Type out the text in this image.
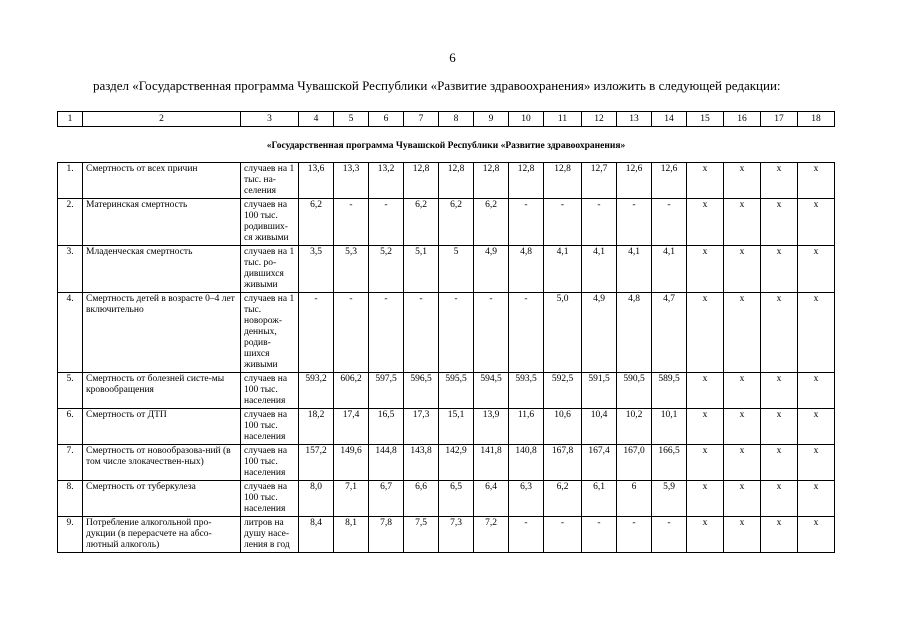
6
раздел «Государственная программа Чувашской Республики «Развитие здравоохранения» изложить в следующей редакции:
1	2	3	4	5	6	7	8	9	10	11	12	13	14	15	16	17	18
«Государственная программа Чувашской Республики «Развитие здравоохранения»																	
1.	Смертность от всех причин	случаев на 1 тыс. на-селения	13,6	13,3	13,2	12,8	12,8	12,8	12,8	12,8	12,7	12,6	12,6	x	x	x	x
2.	Материнская смертность	случаев на 100 тыс. родивших-ся живыми	6,2	-	-	6,2	6,2	6,2	-	-	-	-	-	x	x	x	x
3.	Младенческая смертность	случаев на 1 тыс. ро-дившихся живыми	3,5	5,3	5,2	5,1	5	4,9	4,8	4,1	4,1	4,1	4,1	x	x	x	x
4.	Смертность детей в возрасте 0–4 лет включительно	случаев на 1 тыс. новорож-денных, родив-шихся живыми	-	-	-	-	-	-	-	5,0	4,9	4,8	4,7	x	x	x	x
5.	Смертность от болезней систе-мы кровообращения	случаев на 100 тыс. населения	593,2	606,2	597,5	596,5	595,5	594,5	593,5	592,5	591,5	590,5	589,5	x	x	x	x
6.	Смертность от ДТП	случаев на 100 тыс. населения	18,2	17,4	16,5	17,3	15,1	13,9	11,6	10,6	10,4	10,2	10,1	x	x	x	x
7.	Смертность от новообразова-ний (в том числе злокачествен-ных)	случаев на 100 тыс. населения	157,2	149,6	144,8	143,8	142,9	141,8	140,8	167,8	167,4	167,0	166,5	x	x	x	x
8.	Смертность от туберкулеза	случаев на 100 тыс. населения	8,0	7,1	6,7	6,6	6,5	6,4	6,3	6,2	6,1	6	5,9	x	x	x	x
9.	Потребление алкогольной про-дукции (в перерасчете на абсо-лютный алкоголь)	литров на душу насе-ления в год	8,4	8,1	7,8	7,5	7,3	7,2	-	-	-	-	-	x	x	x	x
